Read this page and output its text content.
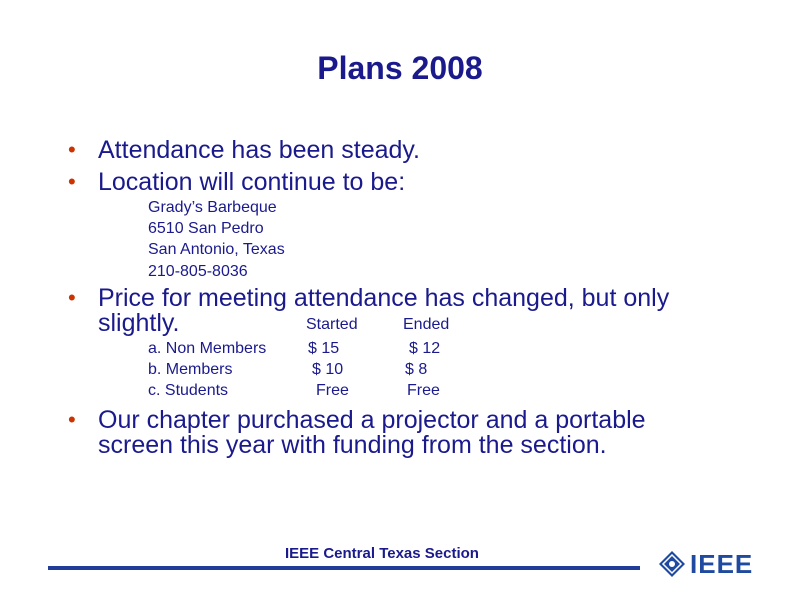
Plans 2008
• Attendance has been steady.
• Location will continue to be:
Grady’s Barbeque
6510 San Pedro
San Antonio, Texas
210-805-8036
• Price for meeting attendance has changed, but only
slightly.	Started	Ended
a. Non Members	$ 15	$ 12
b. Members	$ 10	$ 8
c. Students	Free	Free
• Our chapter purchased a projector and a portable
screen this year with funding from the section.
IEEE Central Texas Section	IEEE
